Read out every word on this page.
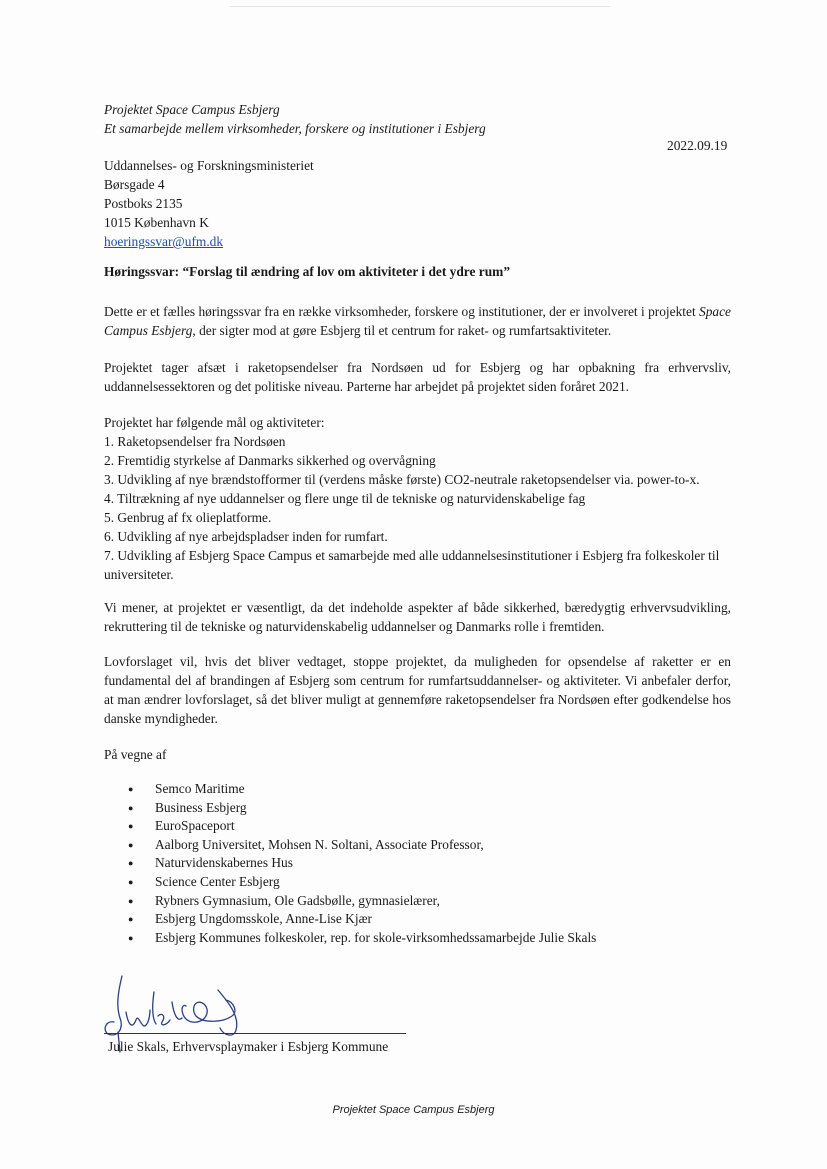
Projektet Space Campus Esbjerg
Et samarbejde mellem virksomheder, forskere og institutioner i Esbjerg
2022.09.19

Uddannelses- og Forskningsministeriet

Børsgade 4

Postboks 2135

1015 København K

hoeringssvar@ufm.dk

Høringssvar: “Forslag til ændring af lov om aktiviteter i det ydre rum”
Dette er et fælles høringssvar fra en række virksomheder, forskere og institutioner, der er involveret i projektet Space Campus Esbjerg, der sigter mod at gøre Esbjerg til et centrum for raket- og rumfartsaktiviteter.
Projektet tager afsæt i raketopsendelser fra Nordsøen ud for Esbjerg og har opbakning fra erhvervsliv, uddannelsessektoren og det politiske niveau. Parterne har arbejdet på projektet siden foråret 2021.

Projektet har følgende mål og aktiviteter:

1. Raketopsendelser fra Nordsøen

2. Fremtidig styrkelse af Danmarks sikkerhed og overvågning

3. Udvikling af nye brændstofformer til (verdens måske første) CO2-neutrale raketopsendelser via. power-to-x.

4. Tiltrækning af nye uddannelser og flere unge til de tekniske og naturvidenskabelige fag

5. Genbrug af fx olieplatforme.

6. Udvikling af nye arbejdspladser inden for rumfart.

7. Udvikling af Esbjerg Space Campus et samarbejde med alle uddannelsesinstitutioner i Esbjerg fra folkeskoler til universiteter.

Vi mener, at projektet er væsentligt, da det indeholde aspekter af både sikkerhed, bæredygtig erhvervsudvikling, rekruttering til de tekniske og naturvidenskabelig uddannelser og Danmarks rolle i fremtiden.
Lovforslaget vil, hvis det bliver vedtaget, stoppe projektet, da muligheden for opsendelse af raketter er en fundamental del af brandingen af Esbjerg som centrum for rumfartsuddannelser- og aktiviteter. Vi anbefaler derfor, at man ændrer lovforslaget, så det bliver muligt at gennemføre raketopsendelser fra Nordsøen efter godkendelse hos danske myndigheder.
På vegne af
● Semco Maritime
● Business Esbjerg
● EuroSpaceport
● Aalborg Universitet, Mohsen N. Soltani, Associate Professor,
● Naturvidenskabernes Hus
● Science Center Esbjerg
● Rybners Gymnasium, Ole Gadsbølle, gymnasielærer,
● Esbjerg Ungdomsskole, Anne-Lise Kjær
● Esbjerg Kommunes folkeskoler, rep. for skole-virksomhedssamarbejde Julie Skals
Julie Skals, Erhvervsplaymaker i Esbjerg Kommune
Projektet Space Campus Esbjerg
